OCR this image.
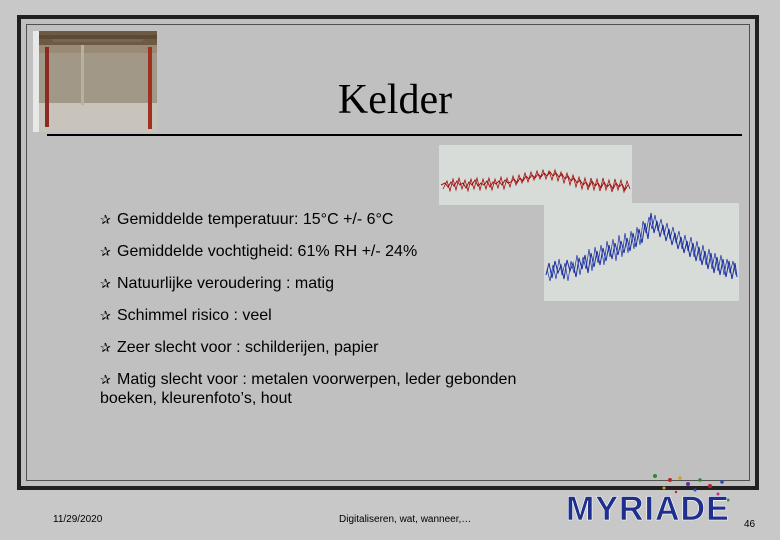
Kelder
✰ Gemiddelde temperatuur: 15°C +/- 6°C
✰ Gemiddelde vochtigheid: 61% RH +/- 24%
✰ Natuurlijke veroudering : matig
✰ Schimmel risico : veel
✰ Zeer slecht voor : schilderijen, papier
✰ Matig slecht voor : metalen voorwerpen, leder gebonden boeken, kleurenfoto’s, hout
11/29/2020	Digitaliseren, wat, wanneer,…	46
MYRIADE
